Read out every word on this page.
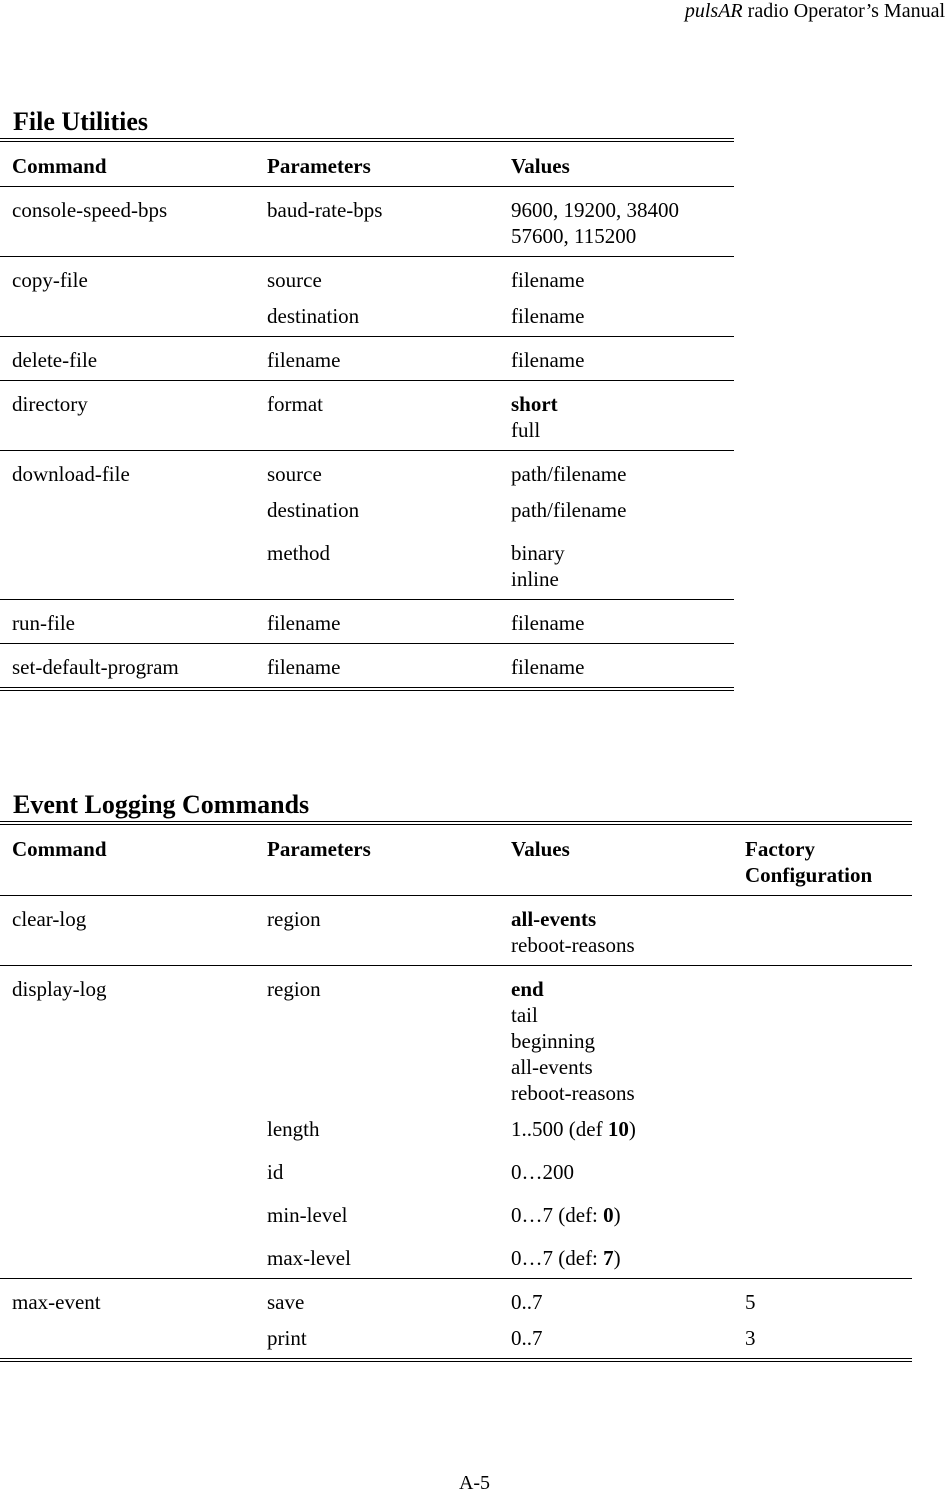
pulsAR radio Operator’s Manual
File Utilities
Command	Parameters	Values
console-speed-bps	baud-rate-bps	9600, 19200, 38400
57600, 115200

copy-file	source	filename

	destination	filename

delete-file	filename	filename

directory	format	short
full

download-file	source	path/filename

	destination	path/filename

	method	binary
inline

run-file	filename	filename

set-default-program	filename	filename
Event Logging Commands
Command	Parameters	Values	Factory
Configuration

clear-log	region	all-events
reboot-reasons	

display-log	region	end
tail
beginning
all-events
reboot-reasons	

	length	1..500 (def 10)	

	id	0…200	

	min-level	0…7 (def: 0)	

	max-level	0…7 (def: 7)	

max-event	save	0..7	5
	print	0..7	3
A-5
